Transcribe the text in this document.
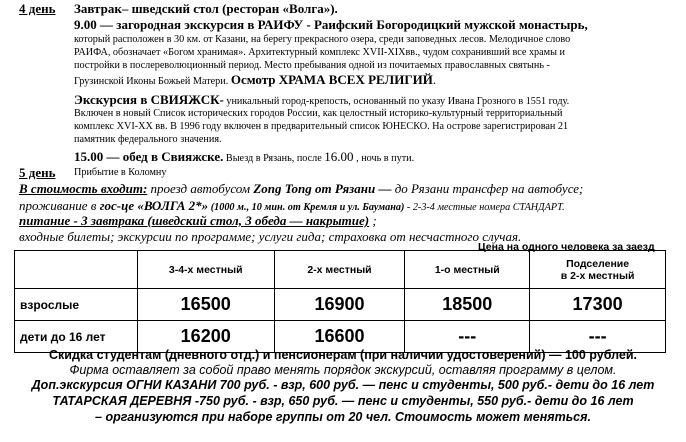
4 день Завтрак– шведский стол (ресторан «Волга»).
9.00 — загородная экскурсия в РАИФУ - Раифский Богородицкий мужской монастырь,
который расположен в 30 км. от Казани, на берегу прекрасного озера, среди заповедных лесов. Мелодичное слово
РАИФА, обозначает «Богом хранимая». Архитектурный комплекс XVII-XIXвв., чудом сохранивший все храмы и
постройки в послереволюционный период. Место пребывания одной из почитаемых православных святынь -
Грузинской Иконы Божьей Матери. Осмотр ХРАМА ВСЕХ РЕЛИГИЙ.
Экскурсия в СВИЯЖСК- уникальный город-крепость, основанный по указу Ивана Грозного в 1551 году.
Включен в новый Список исторических городов России, как целостный историко-культурный территориальный
комплекс XVI-XX вв. В 1996 году включен в предварительный список ЮНЕСКО. На острове зарегистрирован 21
памятник федерального значения.
15.00 — обед в Свияжске. Выезд в Рязань, после 16.00 , ночь в пути.
5 день Прибытие в Коломну
В стоимость входит: проезд автобусом Zong Tong от Рязани — до Рязани трансфер на автобусе;
проживание в гос-це «ВОЛГА 2*» (1000 м., 10 мин. от Кремля и ул. Баумана) - 2-3-4 местные номера СТАНДАРТ.
питание - 3 завтрака (шведский стол, 3 обеда — накрытие) ;
входные билеты; экскурсии по программе; услуги гида; страховка от несчастного случая.
Цена на одного человека за заезд
	3-4-х местный	2-х местный	1-о местный	Подселение
в 2-х местный

взрослые	16500	16900	18500	17300
дети до 16 лет	16200	16600	---	---
Скидка студентам (дневного отд.) и пенсионерам (при наличии удостоверений) — 100 рублей.
Фирма оставляет за собой право менять порядок экскурсий, оставляя программу в целом.
Доп.экскурсия ОГНИ КАЗАНИ 700 руб. - взр, 600 руб. — пенс и студенты, 500 руб.- дети до 16 лет
ТАТАРСКАЯ ДЕРЕВНЯ -750 руб. - взр, 650 руб. — пенс и студенты, 550 руб.- дети до 16 лет
– организуются при наборе группы от 20 чел. Стоимость может меняться.
